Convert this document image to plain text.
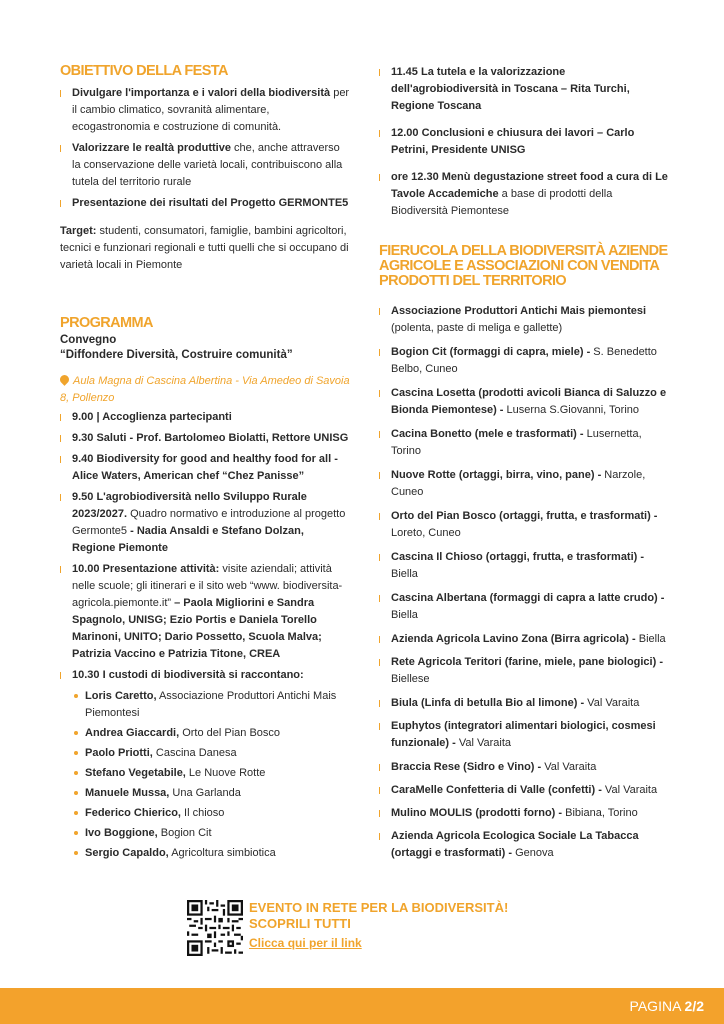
OBIETTIVO DELLA FESTA
Divulgare l'importanza e i valori della biodiversità per il cambio climatico, sovranità alimentare, ecogastronomia e costruzione di comunità.
Valorizzare le realtà produttive che, anche attraverso la conservazione delle varietà locali, contribuiscono alla tutela del territorio rurale
Presentazione dei risultati del Progetto GERMONTE5
Target: studenti, consumatori, famiglie, bambini agricoltori, tecnici e funzionari regionali e tutti quelli che si occupano di varietà locali in Piemonte
PROGRAMMA
Convegno
“Diffondere Diversità, Costruire comunità”
Aula Magna di Cascina Albertina - Via Amedeo di Savoia 8, Pollenzo
9.00 | Accoglienza partecipanti
9.30 Saluti - Prof. Bartolomeo Biolatti, Rettore UNISG
9.40 Biodiversity for good and healthy food for all - Alice Waters, American chef “Chez Panisse”
9.50 L'agrobiodiversità nello Sviluppo Rurale 2023/2027. Quadro normativo e introduzione al progetto Germonte5 - Nadia Ansaldi e Stefano Dolzan, Regione Piemonte
10.00 Presentazione attività: visite aziendali; attività nelle scuole; gli itinerari e il sito web “www. biodiversita- agricola.piemonte.it” – Paola Migliorini e Sandra Spagnolo, UNISG; Ezio Portis e Daniela Torello Marinoni, UNITO; Dario Possetto, Scuola Malva; Patrizia Vaccino e Patrizia Titone, CREA
10.30 I custodi di biodiversità si raccontano:
Loris Caretto, Associazione Produttori Antichi Mais Piemontesi
Andrea Giaccardi, Orto del Pian Bosco
Paolo Priotti, Cascina Danesa
Stefano Vegetabile, Le Nuove Rotte
Manuele Mussa, Una Garlanda
Federico Chierico, Il chioso
Ivo Boggione, Bogion Cit
Sergio Capaldo, Agricoltura simbiotica
11.45 La tutela e la valorizzazione dell'agrobiodiversità in Toscana – Rita Turchi, Regione Toscana
12.00 Conclusioni e chiusura dei lavori – Carlo Petrini, Presidente UNISG
ore 12.30 Menù degustazione street food a cura di Le Tavole Accademiche a base di prodotti della Biodiversità Piemontese
FIERUCOLA DELLA BIODIVERSITÀ AZIENDE AGRICOLE E ASSOCIAZIONI CON VENDITA PRODOTTI DEL TERRITORIO
Associazione Produttori Antichi Mais piemontesi (polenta, paste di meliga e gallette)
Bogion Cit (formaggi di capra, miele) - S. Benedetto Belbo, Cuneo
Cascina Losetta (prodotti avicoli Bianca di Saluzzo e Bionda Piemontese) - Luserna S.Giovanni, Torino
Cacina Bonetto (mele e trasformati) - Lusernetta, Torino
Nuove Rotte (ortaggi, birra, vino, pane) - Narzole, Cuneo
Orto del Pian Bosco (ortaggi, frutta, e trasformati) - Loreto, Cuneo
Cascina Il Chioso (ortaggi, frutta, e trasformati) - Biella
Cascina Albertana (formaggi di capra a latte crudo) - Biella
Azienda Agricola Lavino Zona (Birra agricola) - Biella
Rete Agricola Teritori (farine, miele, pane biologici) - Biellese
Biula (Linfa di betulla Bio al limone) - Val Varaita
Euphytos (integratori alimentari biologici, cosmesi funzionale) - Val Varaita
Braccia Rese (Sidro e Vino) - Val Varaita
CaraMelle Confetteria di Valle (confetti) - Val Varaita
Mulino MOULIS (prodotti forno) - Bibiana, Torino
Azienda Agricola Ecologica Sociale La Tabacca (ortaggi e trasformati) - Genova
EVENTO IN RETE PER LA BIODIVERSITÀ!
SCOPRILI TUTTI
Clicca qui per il link
PAGINA 2/2
